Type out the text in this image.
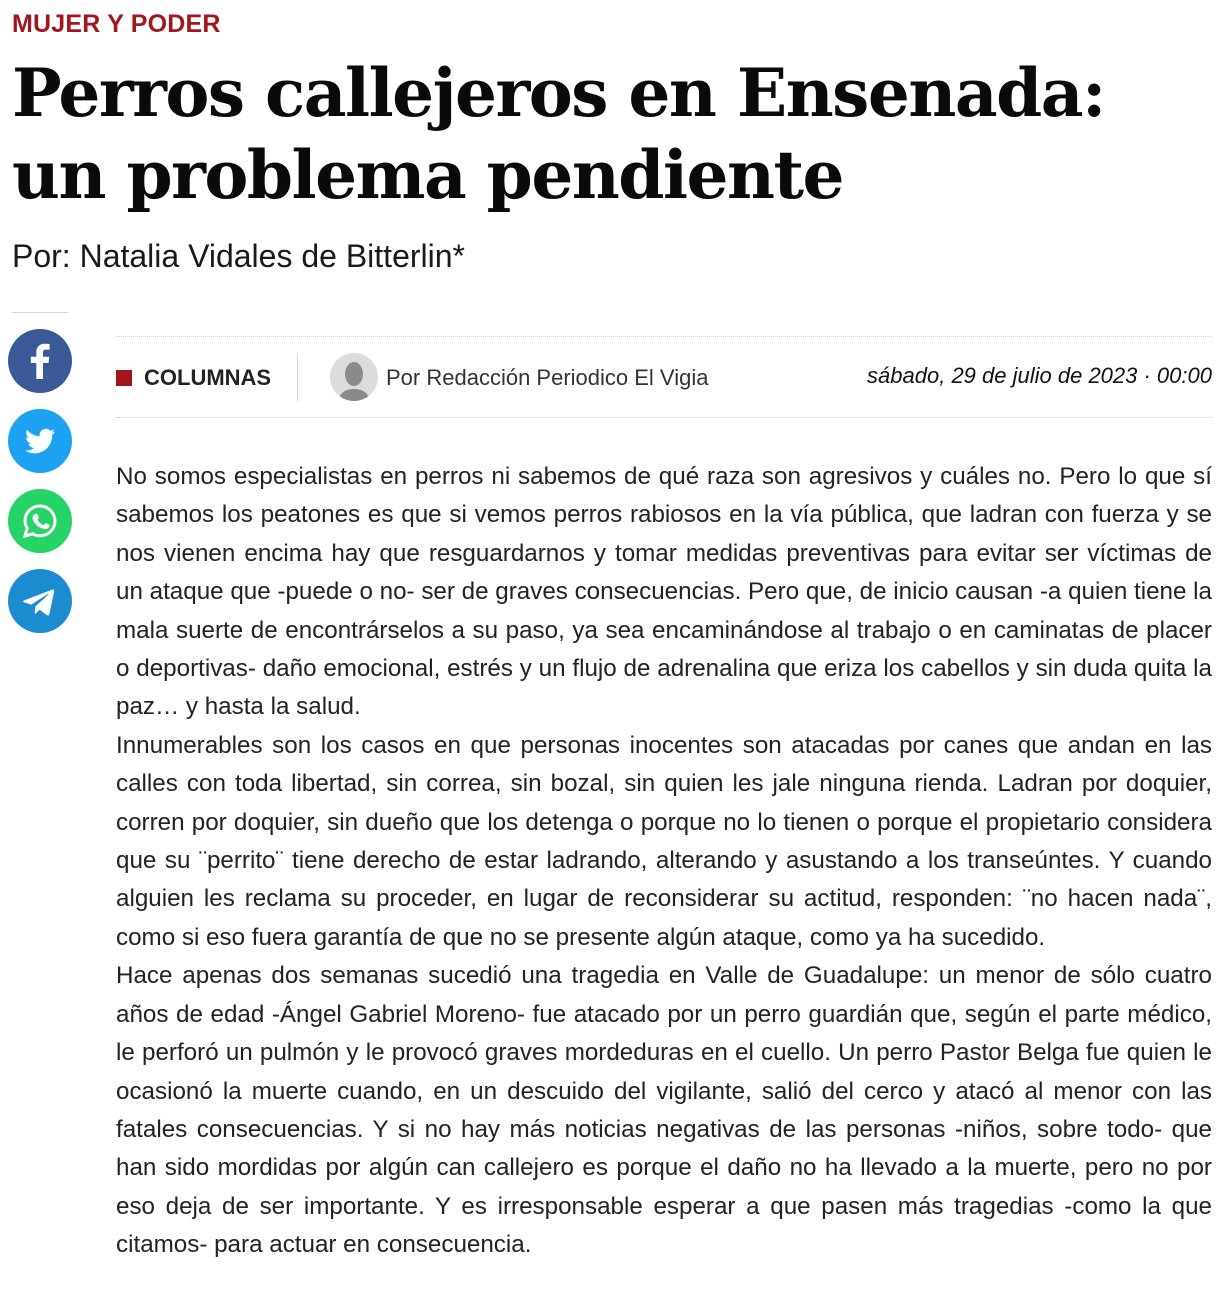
MUJER Y PODER
Perros callejeros en Ensenada: un problema pendiente
Por: Natalia Vidales de Bitterlin*
COLUMNAS	Por Redacción Periodico El Vigia	sábado, 29 de julio de 2023 · 00:00

No somos especialistas en perros ni sabemos de qué raza son agresivos y cuáles no. Pero lo que sí sabemos los peatones es que si vemos perros rabiosos en la vía pública, que ladran con fuerza y se nos vienen encima hay que resguardarnos y tomar medidas preventivas para evitar ser víctimas de un ataque que -puede o no- ser de graves consecuencias. Pero que, de inicio causan -a quien tiene la mala suerte de encontrárselos a su paso, ya sea encaminándose al trabajo o en caminatas de placer o deportivas- daño emocional, estrés y un flujo de adrenalina que eriza los cabellos y sin duda quita la paz… y hasta la salud.

Innumerables son los casos en que personas inocentes son atacadas por canes que andan en las calles con toda libertad, sin correa, sin bozal, sin quien les jale ninguna rienda. Ladran por doquier, corren por doquier, sin dueño que los detenga o porque no lo tienen o porque el propietario considera que su ¨perrito¨ tiene derecho de estar ladrando, alterando y asustando a los transeúntes. Y cuando alguien les reclama su proceder, en lugar de reconsiderar su actitud, responden: ¨no hacen nada¨, como si eso fuera garantía de que no se presente algún ataque, como ya ha sucedido.

Hace apenas dos semanas sucedió una tragedia en Valle de Guadalupe: un menor de sólo cuatro años de edad -Ángel Gabriel Moreno- fue atacado por un perro guardián que, según el parte médico, le perforó un pulmón y le provocó graves mordeduras en el cuello. Un perro Pastor Belga fue quien le ocasionó la muerte cuando, en un descuido del vigilante, salió del cerco y atacó al menor con las fatales consecuencias. Y si no hay más noticias negativas de las personas -niños, sobre todo- que han sido mordidas por algún can callejero es porque el daño no ha llevado a la muerte, pero no por eso deja de ser importante. Y es irresponsable esperar a que pasen más tragedias -como la que citamos- para actuar en consecuencia.
